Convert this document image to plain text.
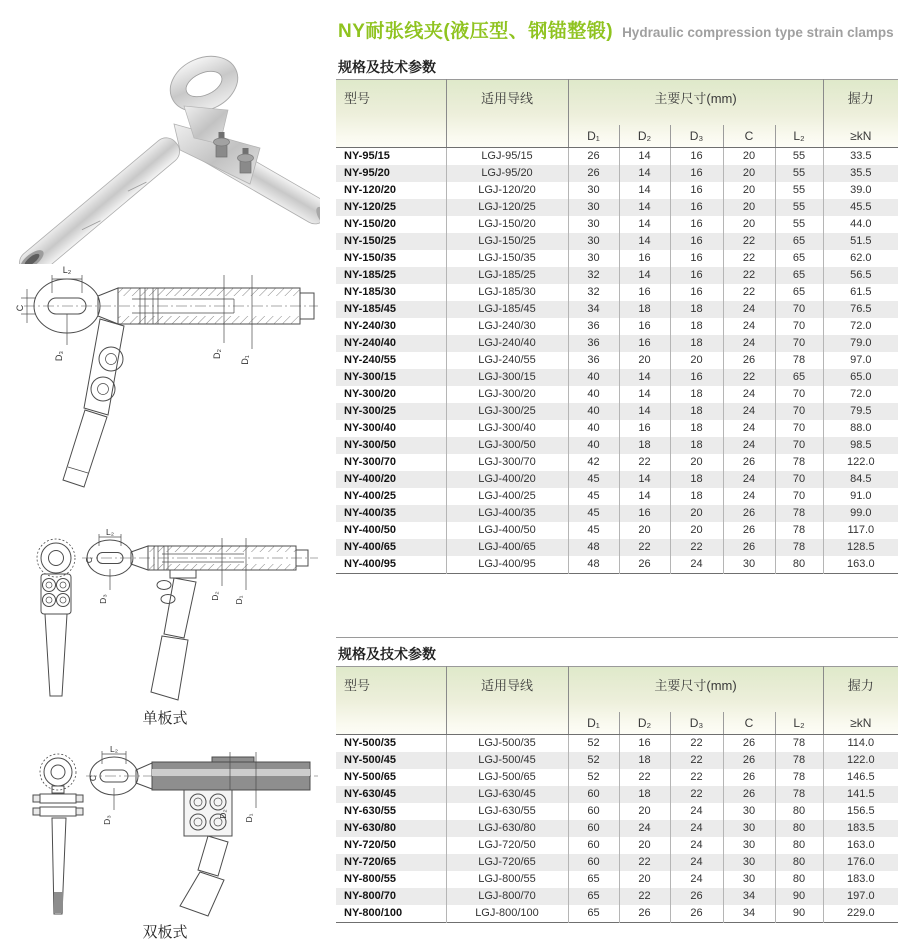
NY耐张线夹(液压型、钢锚整锻) Hydraulic compression type strain clamps
L₂
C
D₃	D₂
D₁
L₂
C
D₃	D₂ D₁
单板式
L₂
C
D₃
D₂ D₁
双板式
规格及技术参数
型号	适用导线	主要尺寸(mm)					握力
		D₁	D₂	D₃	C	L₂	≥kN
NY-95/15	LGJ-95/15	26	14	16	20	55	33.5
NY-95/20	LGJ-95/20	26	14	16	20	55	35.5
NY-120/20	LGJ-120/20	30	14	16	20	55	39.0
NY-120/25	LGJ-120/25	30	14	16	20	55	45.5
NY-150/20	LGJ-150/20	30	14	16	20	55	44.0
NY-150/25	LGJ-150/25	30	14	16	22	65	51.5
NY-150/35	LGJ-150/35	30	16	16	22	65	62.0
NY-185/25	LGJ-185/25	32	14	16	22	65	56.5
NY-185/30	LGJ-185/30	32	16	16	22	65	61.5
NY-185/45	LGJ-185/45	34	18	18	24	70	76.5
NY-240/30	LGJ-240/30	36	16	18	24	70	72.0
NY-240/40	LGJ-240/40	36	16	18	24	70	79.0
NY-240/55	LGJ-240/55	36	20	20	26	78	97.0
NY-300/15	LGJ-300/15	40	14	16	22	65	65.0
NY-300/20	LGJ-300/20	40	14	18	24	70	72.0
NY-300/25	LGJ-300/25	40	14	18	24	70	79.5
NY-300/40	LGJ-300/40	40	16	18	24	70	88.0
NY-300/50	LGJ-300/50	40	18	18	24	70	98.5
NY-300/70	LGJ-300/70	42	22	20	26	78	122.0
NY-400/20	LGJ-400/20	45	14	18	24	70	84.5
NY-400/25	LGJ-400/25	45	14	18	24	70	91.0
NY-400/35	LGJ-400/35	45	16	20	26	78	99.0
NY-400/50	LGJ-400/50	45	20	20	26	78	117.0
NY-400/65	LGJ-400/65	48	22	22	26	78	128.5
NY-400/95	LGJ-400/95	48	26	24	30	80	163.0
规格及技术参数
型号	适用导线	主要尺寸(mm)					握力
		D₁	D₂	D₃	C	L₂	≥kN
NY-500/35	LGJ-500/35	52	16	22	26	78	114.0
NY-500/45	LGJ-500/45	52	18	22	26	78	122.0
NY-500/65	LGJ-500/65	52	22	22	26	78	146.5
NY-630/45	LGJ-630/45	60	18	22	26	78	141.5
NY-630/55	LGJ-630/55	60	20	24	30	80	156.5
NY-630/80	LGJ-630/80	60	24	24	30	80	183.5
NY-720/50	LGJ-720/50	60	20	24	30	80	163.0
NY-720/65	LGJ-720/65	60	22	24	30	80	176.0
NY-800/55	LGJ-800/55	65	20	24	30	80	183.0
NY-800/70	LGJ-800/70	65	22	26	34	90	197.0
NY-800/100	LGJ-800/100	65	26	26	34	90	229.0
